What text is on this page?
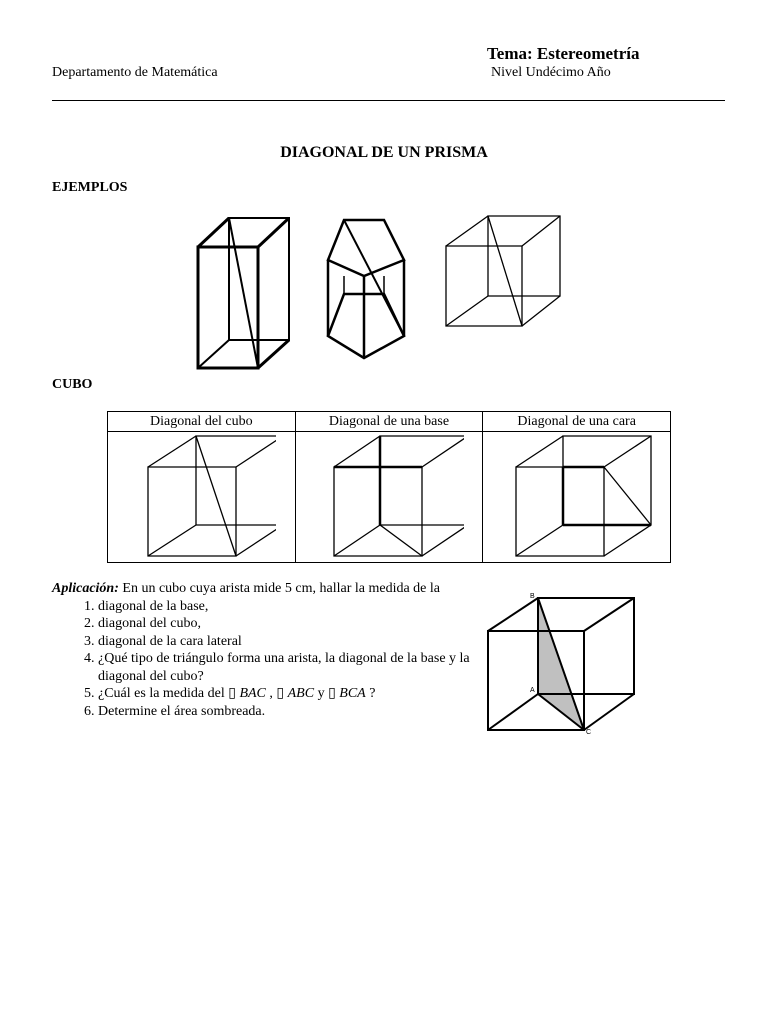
Tema: Estereometría
Departamento de Matemática	Nivel Undécimo Año
DIAGONAL DE UN PRISMA
EJEMPLOS
CUBO
Diagonal del cubo	Diagonal de una base	Diagonal de una cara

Aplicación: En un cubo cuya arista mide 5 cm, hallar la medida de la
1. diagonal de la base,
2. diagonal del cubo,
3. diagonal de la cara lateral
4. ¿Qué tipo de triángulo forma una arista, la diagonal de la base y la diagonal del cubo?
5. ¿Cuál es la medida del ▯ BAC , ▯ ABC y ▯ BCA ?
6. Determine el área sombreada.
B
A
C
